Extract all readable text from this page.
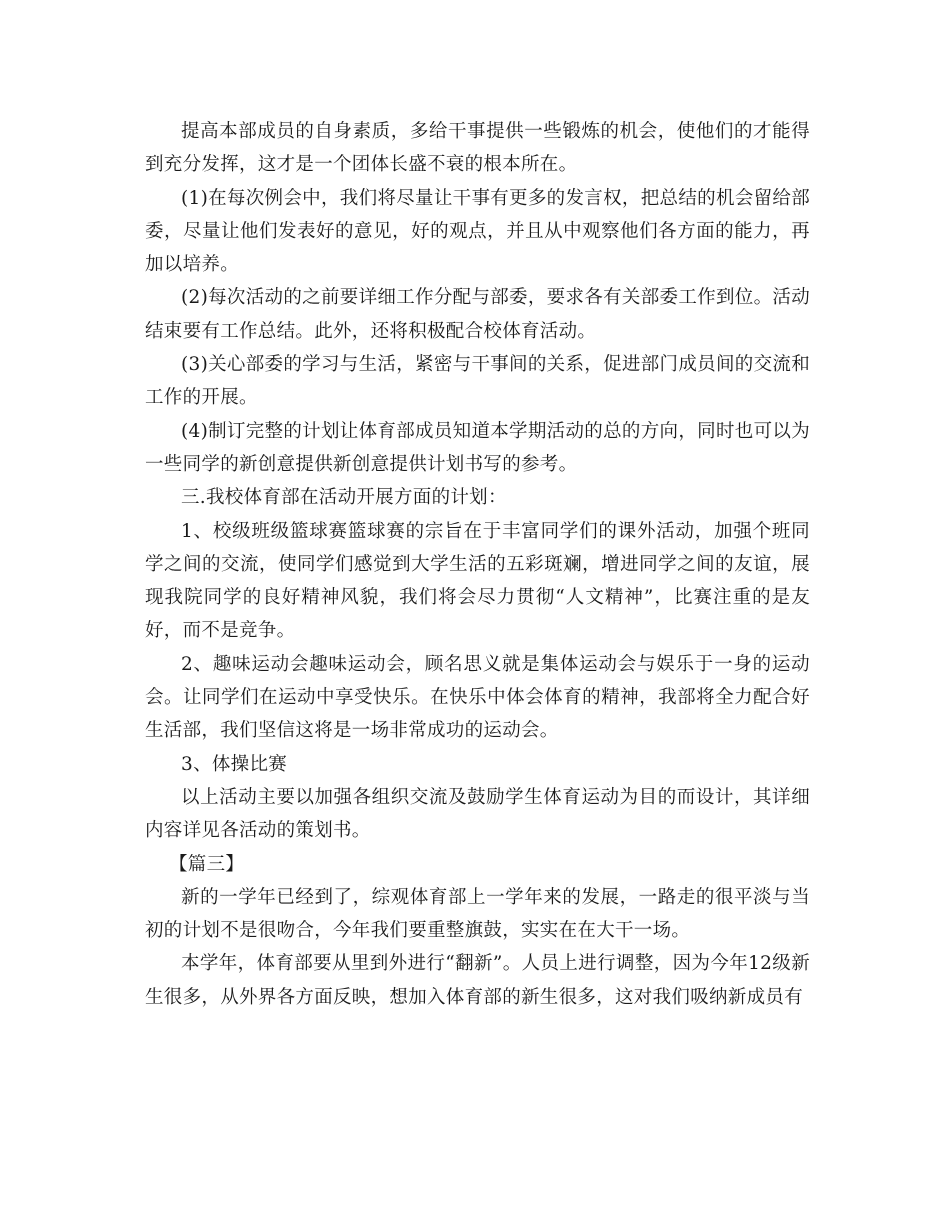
提高本部成员的自身素质，多给干事提供一些锻炼的机会，使他们的才能得到充分发挥，这才是一个团体长盛不衰的根本所在。

(1)在每次例会中，我们将尽量让干事有更多的发言权，把总结的机会留给部委，尽量让他们发表好的意见，好的观点，并且从中观察他们各方面的能力，再加以培养。

(2)每次活动的之前要详细工作分配与部委，要求各有关部委工作到位。活动结束要有工作总结。此外，还将积极配合校体育活动。

(3)关心部委的学习与生活，紧密与干事间的关系，促进部门成员间的交流和工作的开展。

(4)制订完整的计划让体育部成员知道本学期活动的总的方向，同时也可以为一些同学的新创意提供新创意提供计划书写的参考。

三.我校体育部在活动开展方面的计划：

1、校级班级篮球赛篮球赛的宗旨在于丰富同学们的课外活动，加强个班同学之间的交流，使同学们感觉到大学生活的五彩斑斓，增进同学之间的友谊，展现我院同学的良好精神风貌，我们将会尽力贯彻“人文精神”，比赛注重的是友好，而不是竞争。

2、趣味运动会趣味运动会，顾名思义就是集体运动会与娱乐于一身的运动会。让同学们在运动中享受快乐。在快乐中体会体育的精神，我部将全力配合好生活部，我们坚信这将是一场非常成功的运动会。

3、体操比赛

以上活动主要以加强各组织交流及鼓励学生体育运动为目的而设计，其详细内容详见各活动的策划书。

【篇三】

新的一学年已经到了，综观体育部上一学年来的发展，一路走的很平淡与当初的计划不是很吻合，今年我们要重整旗鼓，实实在在大干一场。

本学年，体育部要从里到外进行“翻新”。人员上进行调整，因为今年12级新生很多，从外界各方面反映，想加入体育部的新生很多，这对我们吸纳新成员有
